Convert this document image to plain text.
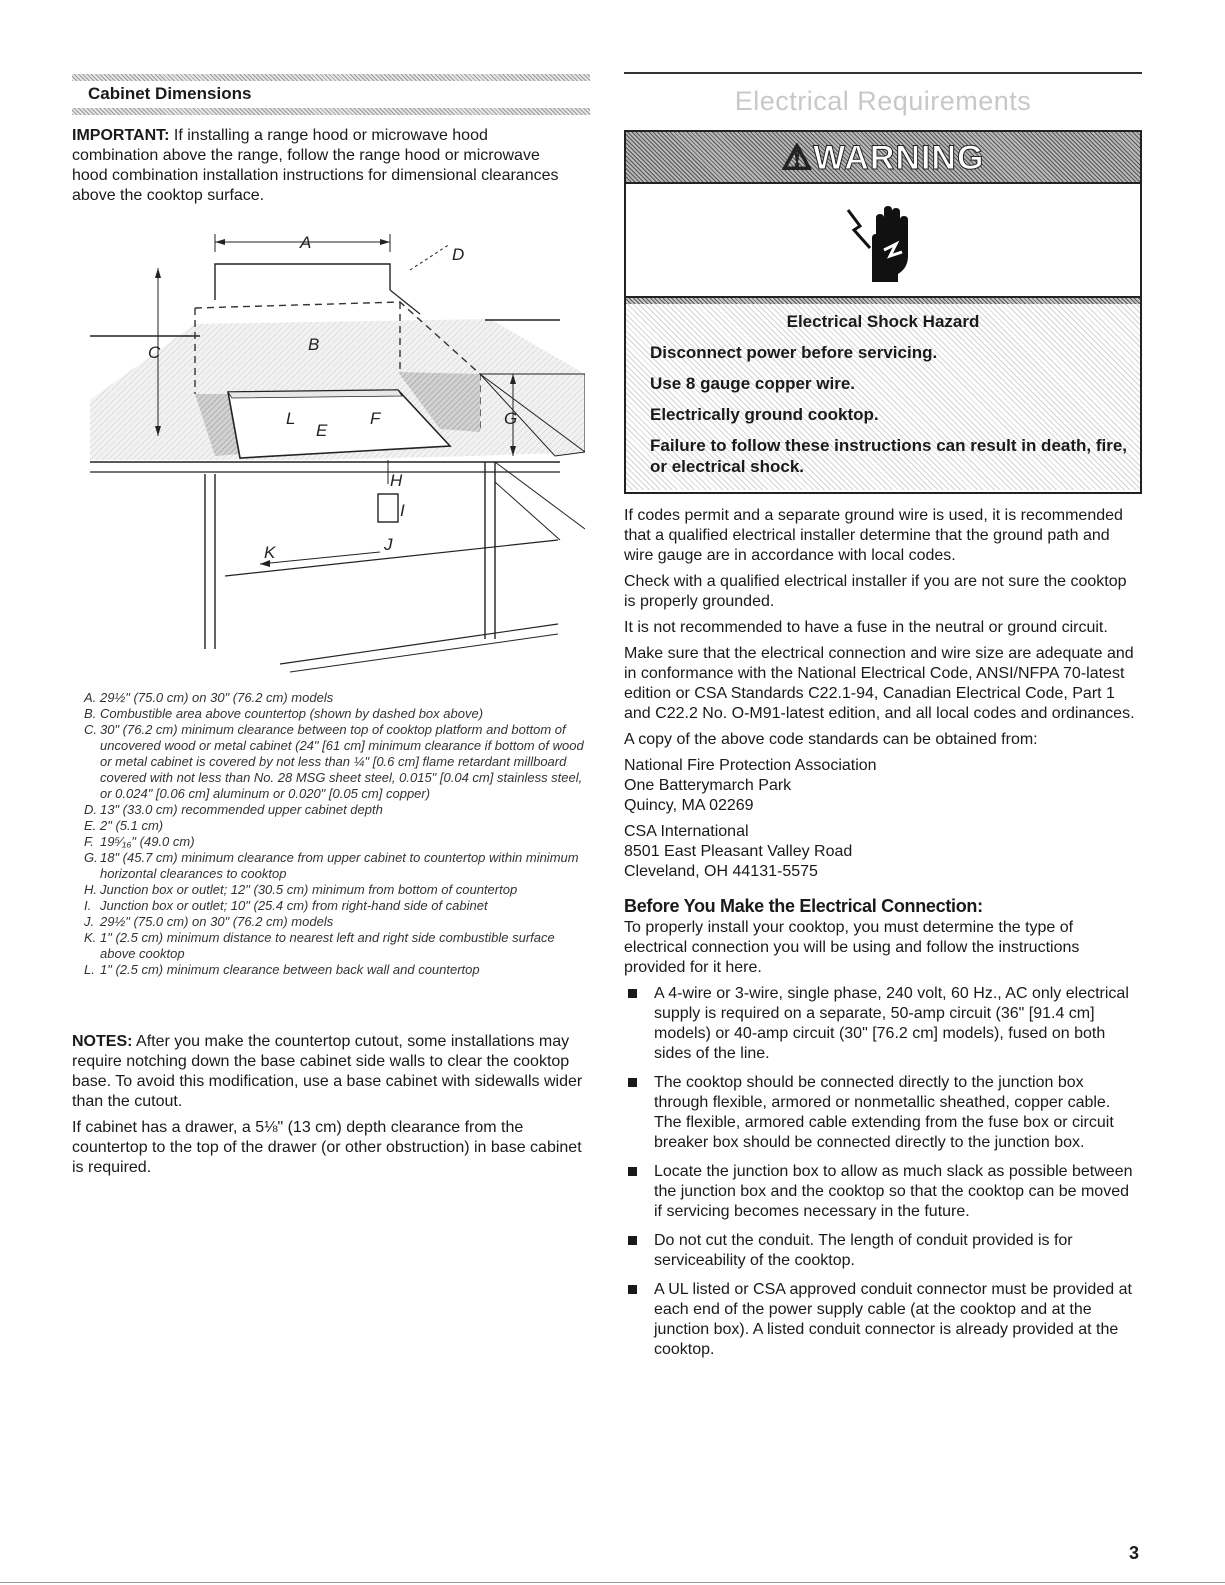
Cabinet Dimensions

IMPORTANT: If installing a range hood or microwave hood combination above the range, follow the range hood or microwave hood combination installation instructions for dimensional clearances above the cooktop surface.

A
B
C
D
E
F	G
H
I
J
K
L
A. 29½" (75.0 cm) on 30" (76.2 cm) models
B. Combustible area above countertop (shown by dashed box above)
C. 30" (76.2 cm) minimum clearance between top of cooktop platform and bottom of uncovered wood or metal cabinet (24" [61 cm] minimum clearance if bottom of wood or metal cabinet is covered by not less than ¼" [0.6 cm] flame retardant millboard covered with not less than No. 28 MSG sheet steel, 0.015" [0.04 cm] stainless steel, or 0.024" [0.06 cm] aluminum or 0.020" [0.05 cm] copper)
D. 13" (33.0 cm) recommended upper cabinet depth
E. 2" (5.1 cm)
F. 19⁵⁄₁₆" (49.0 cm)
G. 18" (45.7 cm) minimum clearance from upper cabinet to countertop within minimum horizontal clearances to cooktop
H. Junction box or outlet; 12" (30.5 cm) minimum from bottom of countertop
I. Junction box or outlet; 10" (25.4 cm) from right-hand side of cabinet
J. 29½" (75.0 cm) on 30" (76.2 cm) models
K. 1" (2.5 cm) minimum distance to nearest left and right side combustible surface above cooktop
L. 1" (2.5 cm) minimum clearance between back wall and countertop

NOTES: After you make the countertop cutout, some installations may require notching down the base cabinet side walls to clear the cooktop base. To avoid this modification, use a base cabinet with sidewalls wider than the cutout.

If cabinet has a drawer, a 5⅛" (13 cm) depth clearance from the countertop to the top of the drawer (or other obstruction) in base cabinet is required.

Electrical Requirements
⚠WARNING
Electrical Shock Hazard
Disconnect power before servicing.
Use 8 gauge copper wire.
Electrically ground cooktop.
Failure to follow these instructions can result in death, fire, or electrical shock.

If codes permit and a separate ground wire is used, it is recommended that a qualified electrical installer determine that the ground path and wire gauge are in accordance with local codes.

Check with a qualified electrical installer if you are not sure the cooktop is properly grounded.

It is not recommended to have a fuse in the neutral or ground circuit.

Make sure that the electrical connection and wire size are adequate and in conformance with the National Electrical Code, ANSI/NFPA 70-latest edition or CSA Standards C22.1-94, Canadian Electrical Code, Part 1 and C22.2 No. O-M91-latest edition, and all local codes and ordinances.

A copy of the above code standards can be obtained from:

National Fire Protection Association
One Batterymarch Park
Quincy, MA 02269
CSA International
8501 East Pleasant Valley Road
Cleveland, OH 44131-5575
Before You Make the Electrical Connection:

To properly install your cooktop, you must determine the type of electrical connection you will be using and follow the instructions provided for it here.

A 4-wire or 3-wire, single phase, 240 volt, 60 Hz., AC only electrical supply is required on a separate, 50-amp circuit (36" [91.4 cm] models) or 40-amp circuit (30" [76.2 cm] models), fused on both sides of the line.
The cooktop should be connected directly to the junction box through flexible, armored or nonmetallic sheathed, copper cable. The flexible, armored cable extending from the fuse box or circuit breaker box should be connected directly to the junction box.
Locate the junction box to allow as much slack as possible between the junction box and the cooktop so that the cooktop can be moved if servicing becomes necessary in the future.
Do not cut the conduit. The length of conduit provided is for serviceability of the cooktop.
A UL listed or CSA approved conduit connector must be provided at each end of the power supply cable (at the cooktop and at the junction box). A listed conduit connector is already provided at the cooktop.
3
